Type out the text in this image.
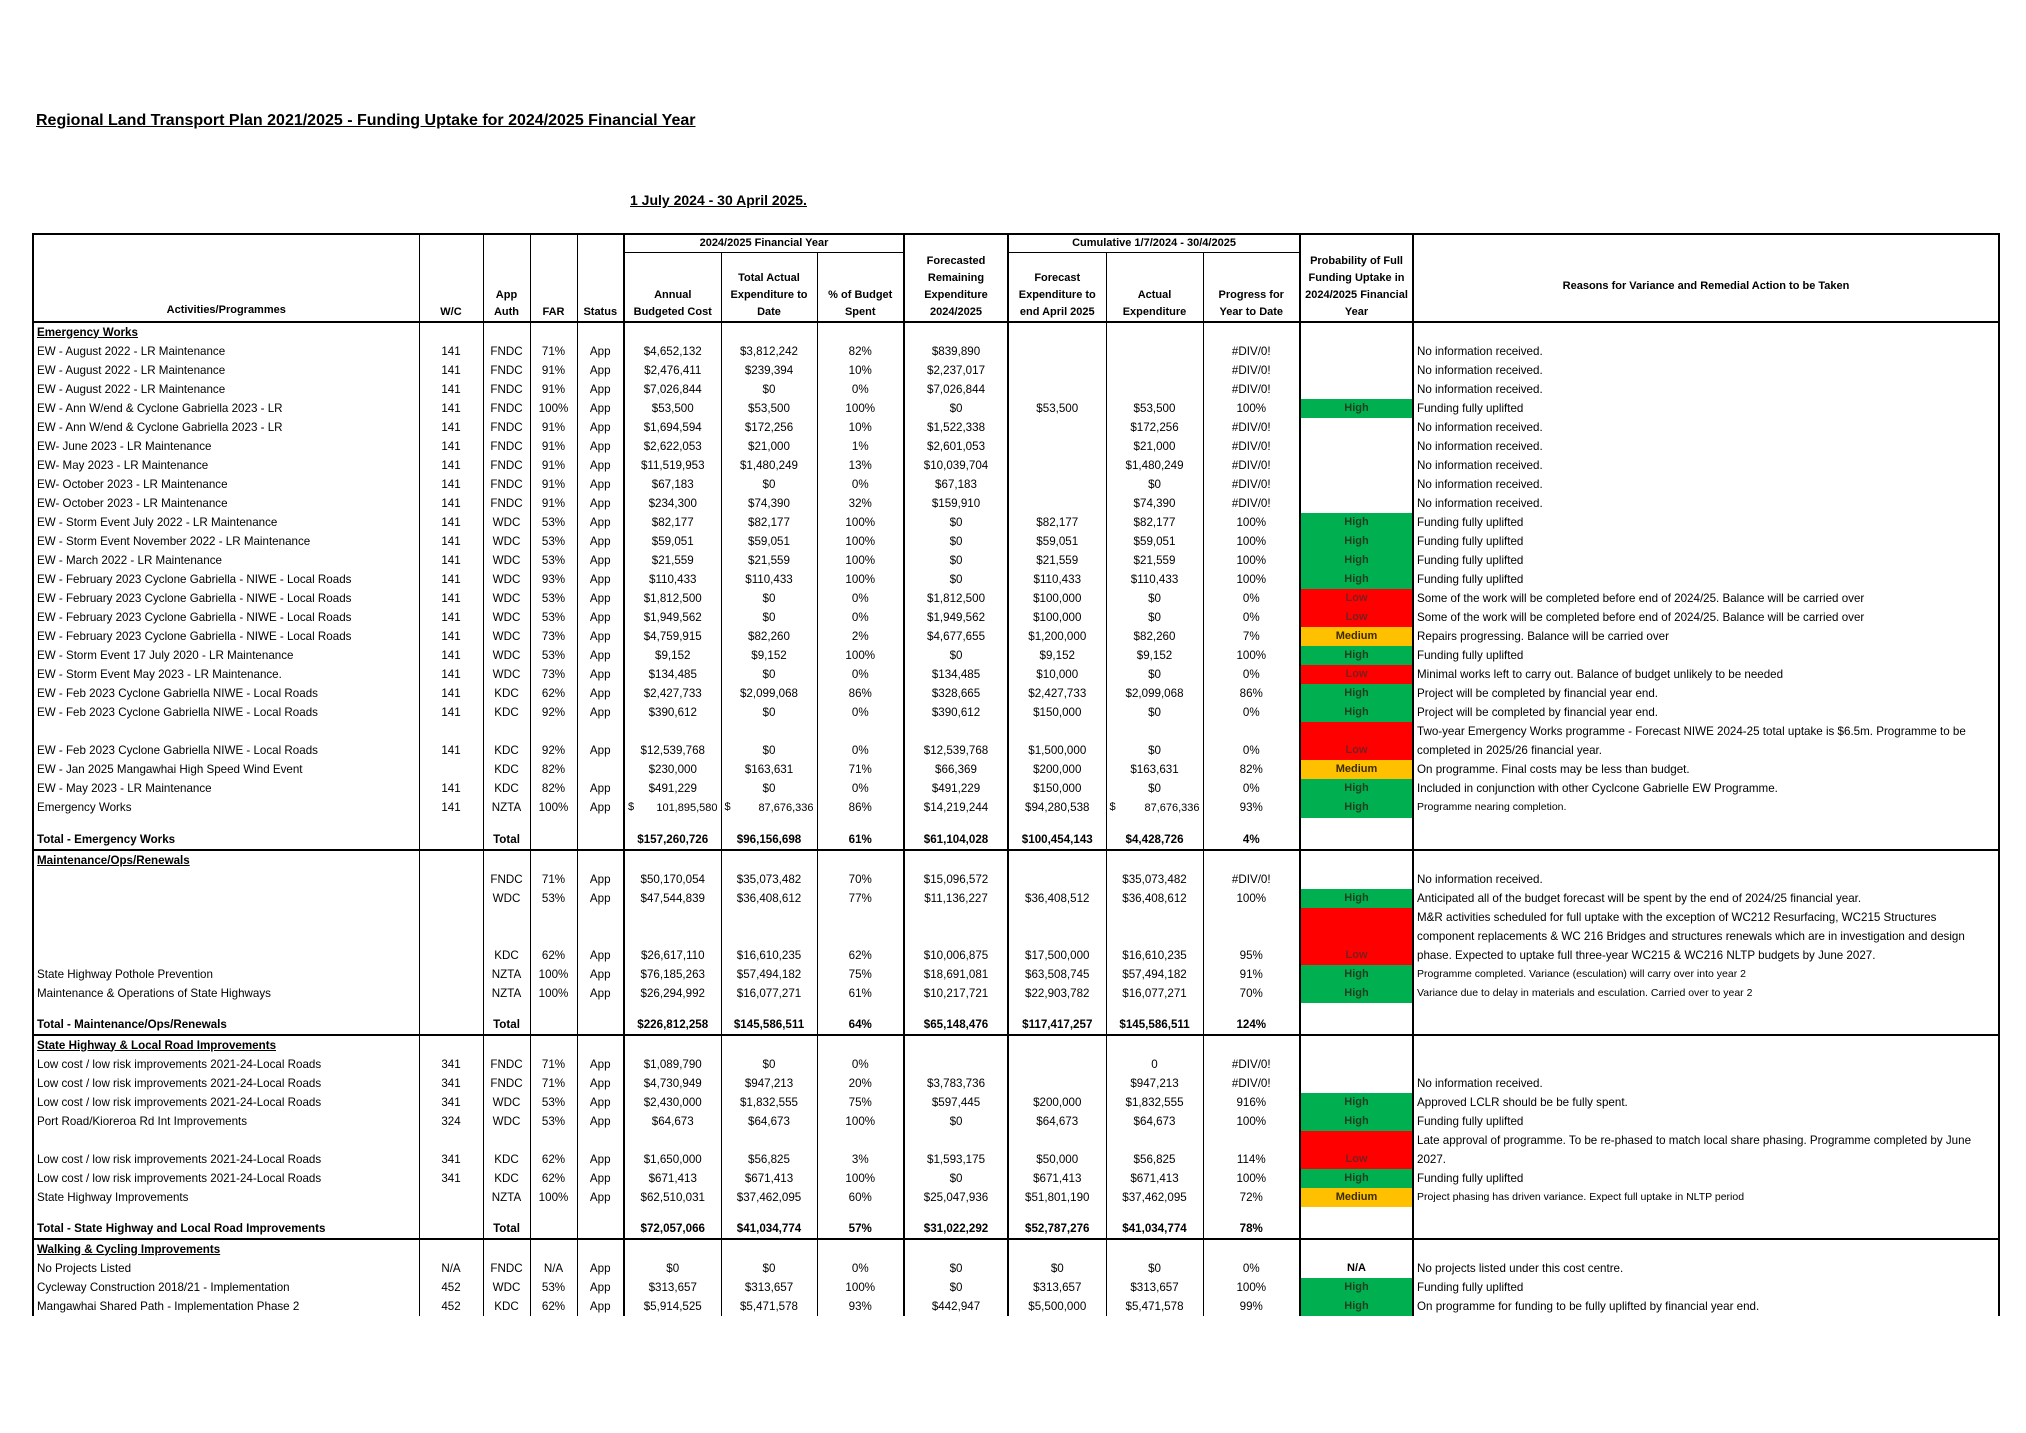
Regional Land Transport Plan 2021/2025 - Funding Uptake for 2024/2025 Financial Year
1 July 2024 - 30 April 2025.
					2024/2025 Financial Year				Cumulative 1/7/2024 - 30/4/2025				
Activities/Programmes	W/C	App Auth	FAR	Status	Annual Budgeted Cost	Total Actual Expenditure to Date	% of Budget Spent	Forecasted Remaining Expenditure 2024/2025	Forecast Expenditure to end April 2025	Actual Expenditure	Progress for Year to Date	Probability of Full Funding Uptake in 2024/2025 Financial Year	Reasons for Variance and Remedial Action to be Taken
Emergency Works													
EW - August 2022 - LR Maintenance	141	FNDC	71%	App	$4,652,132	$3,812,242	82%	$839,890			#DIV/0!		No information received.
EW - August 2022 - LR Maintenance	141	FNDC	91%	App	$2,476,411	$239,394	10%	$2,237,017			#DIV/0!		No information received.
EW - August 2022 - LR Maintenance	141	FNDC	91%	App	$7,026,844	$0	0%	$7,026,844			#DIV/0!		No information received.
EW - Ann W/end & Cyclone Gabriella 2023 - LR	141	FNDC	100%	App	$53,500	$53,500	100%	$0	$53,500	$53,500	100%	High	Funding fully uplifted
EW - Ann W/end & Cyclone Gabriella 2023 - LR	141	FNDC	91%	App	$1,694,594	$172,256	10%	$1,522,338		$172,256	#DIV/0!		No information received.
EW- June 2023 - LR Maintenance	141	FNDC	91%	App	$2,622,053	$21,000	1%	$2,601,053		$21,000	#DIV/0!		No information received.
EW- May 2023 - LR Maintenance	141	FNDC	91%	App	$11,519,953	$1,480,249	13%	$10,039,704		$1,480,249	#DIV/0!		No information received.
EW- October 2023 - LR Maintenance	141	FNDC	91%	App	$67,183	$0	0%	$67,183		$0	#DIV/0!		No information received.
EW- October 2023 - LR Maintenance	141	FNDC	91%	App	$234,300	$74,390	32%	$159,910		$74,390	#DIV/0!		No information received.
EW - Storm Event July 2022 - LR Maintenance	141	WDC	53%	App	$82,177	$82,177	100%	$0	$82,177	$82,177	100%	High	Funding fully uplifted
EW - Storm Event November 2022 - LR Maintenance	141	WDC	53%	App	$59,051	$59,051	100%	$0	$59,051	$59,051	100%	High	Funding fully uplifted
EW - March 2022 - LR Maintenance	141	WDC	53%	App	$21,559	$21,559	100%	$0	$21,559	$21,559	100%	High	Funding fully uplifted
EW - February 2023 Cyclone Gabriella - NIWE - Local Roads	141	WDC	93%	App	$110,433	$110,433	100%	$0	$110,433	$110,433	100%	High	Funding fully uplifted
EW - February 2023 Cyclone Gabriella - NIWE - Local Roads	141	WDC	53%	App	$1,812,500	$0	0%	$1,812,500	$100,000	$0	0%	Low	Some of the work will be completed before end of 2024/25. Balance will be carried over
EW - February 2023 Cyclone Gabriella - NIWE - Local Roads	141	WDC	53%	App	$1,949,562	$0	0%	$1,949,562	$100,000	$0	0%	Low	Some of the work will be completed before end of 2024/25. Balance will be carried over
EW - February 2023 Cyclone Gabriella - NIWE - Local Roads	141	WDC	73%	App	$4,759,915	$82,260	2%	$4,677,655	$1,200,000	$82,260	7%	Medium	Repairs progressing. Balance will be carried over
EW - Storm Event 17 July 2020 - LR Maintenance	141	WDC	53%	App	$9,152	$9,152	100%	$0	$9,152	$9,152	100%	High	Funding fully uplifted
EW - Storm Event May 2023 - LR Maintenance.	141	WDC	73%	App	$134,485	$0	0%	$134,485	$10,000	$0	0%	Low	Minimal works left to carry out. Balance of budget unlikely to be needed
EW - Feb 2023 Cyclone Gabriella NIWE - Local Roads	141	KDC	62%	App	$2,427,733	$2,099,068	86%	$328,665	$2,427,733	$2,099,068	86%	High	Project will be completed by financial year end.
EW - Feb 2023 Cyclone Gabriella NIWE - Local Roads	141	KDC	92%	App	$390,612	$0	0%	$390,612	$150,000	$0	0%	High	Project will be completed by financial year end.
EW - Feb 2023 Cyclone Gabriella NIWE - Local Roads	141	KDC	92%	App	$12,539,768	$0	0%	$12,539,768	$1,500,000	$0	0%	Low	Two-year Emergency Works programme - Forecast NIWE 2024-25 total uptake is $6.5m. Programme to be completed in 2025/26 financial year.
EW - Jan 2025 Mangawhai High Speed Wind Event		KDC	82%		$230,000	$163,631	71%	$66,369	$200,000	$163,631	82%	Medium	On programme. Final costs may be less than budget.
EW - May 2023 - LR Maintenance	141	KDC	82%	App	$491,229	$0	0%	$491,229	$150,000	$0	0%	High	Included in conjunction with other Cyclcone Gabrielle EW Programme.
Emergency Works	141	NZTA	100%	App	$ 101,895,580	$ 87,676,336	86%	$14,219,244	$94,280,538	$ 87,676,336	93%	High	Programme nearing completion.

Total - Emergency Works		Total			$157,260,726	$96,156,698	61%	$61,104,028	$100,454,143	$4,428,726	4%		
Maintenance/Ops/Renewals													
		FNDC	71%	App	$50,170,054	$35,073,482	70%	$15,096,572		$35,073,482	#DIV/0!		No information received.
		WDC	53%	App	$47,544,839	$36,408,612	77%	$11,136,227	$36,408,512	$36,408,612	100%	High	Anticipated all of the budget forecast will be spent by the end of 2024/25 financial year.
		KDC	62%	App	$26,617,110	$16,610,235	62%	$10,006,875	$17,500,000	$16,610,235	95%	Low	M&R activities scheduled for full uptake with the exception of WC212 Resurfacing, WC215 Structures component replacements & WC 216 Bridges and structures renewals which are in investigation and design phase. Expected to uptake full three-year WC215 & WC216 NLTP budgets by June 2027.
State Highway Pothole Prevention		NZTA	100%	App	$76,185,263	$57,494,182	75%	$18,691,081	$63,508,745	$57,494,182	91%	High	Programme completed. Variance (esculation) will carry over into year 2
Maintenance & Operations of State Highways		NZTA	100%	App	$26,294,992	$16,077,271	61%	$10,217,721	$22,903,782	$16,077,271	70%	High	Variance due to delay in materials and esculation. Carried over to year 2

Total - Maintenance/Ops/Renewals		Total			$226,812,258	$145,586,511	64%	$65,148,476	$117,417,257	$145,586,511	124%		
State Highway & Local Road Improvements													
Low cost / low risk improvements 2021-24-Local Roads	341	FNDC	71%	App	$1,089,790	$0	0%			0	#DIV/0!		
Low cost / low risk improvements 2021-24-Local Roads	341	FNDC	71%	App	$4,730,949	$947,213	20%	$3,783,736		$947,213	#DIV/0!		No information received.
Low cost / low risk improvements 2021-24-Local Roads	341	WDC	53%	App	$2,430,000	$1,832,555	75%	$597,445	$200,000	$1,832,555	916%	High	Approved LCLR should be be fully spent.
Port Road/Kioreroa Rd Int Improvements	324	WDC	53%	App	$64,673	$64,673	100%	$0	$64,673	$64,673	100%	High	Funding fully uplifted
Low cost / low risk improvements 2021-24-Local Roads	341	KDC	62%	App	$1,650,000	$56,825	3%	$1,593,175	$50,000	$56,825	114%	Low	Late approval of programme. To be re-phased to match local share phasing. Programme completed by June 2027.
Low cost / low risk improvements 2021-24-Local Roads	341	KDC	62%	App	$671,413	$671,413	100%	$0	$671,413	$671,413	100%	High	Funding fully uplifted
State Highway Improvements		NZTA	100%	App	$62,510,031	$37,462,095	60%	$25,047,936	$51,801,190	$37,462,095	72%	Medium	Project phasing has driven variance. Expect full uptake in NLTP period

Total - State Highway and Local Road Improvements		Total			$72,057,066	$41,034,774	57%	$31,022,292	$52,787,276	$41,034,774	78%		
Walking & Cycling Improvements													
No Projects Listed	N/A	FNDC	N/A	App	$0	$0	0%	$0	$0	$0	0%	N/A	No projects listed under this cost centre.
Cycleway Construction 2018/21 - Implementation	452	WDC	53%	App	$313,657	$313,657	100%	$0	$313,657	$313,657	100%	High	Funding fully uplifted
Mangawhai Shared Path - Implementation Phase 2	452	KDC	62%	App	$5,914,525	$5,471,578	93%	$442,947	$5,500,000	$5,471,578	99%	High	On programme for funding to be fully uplifted by financial year end.
